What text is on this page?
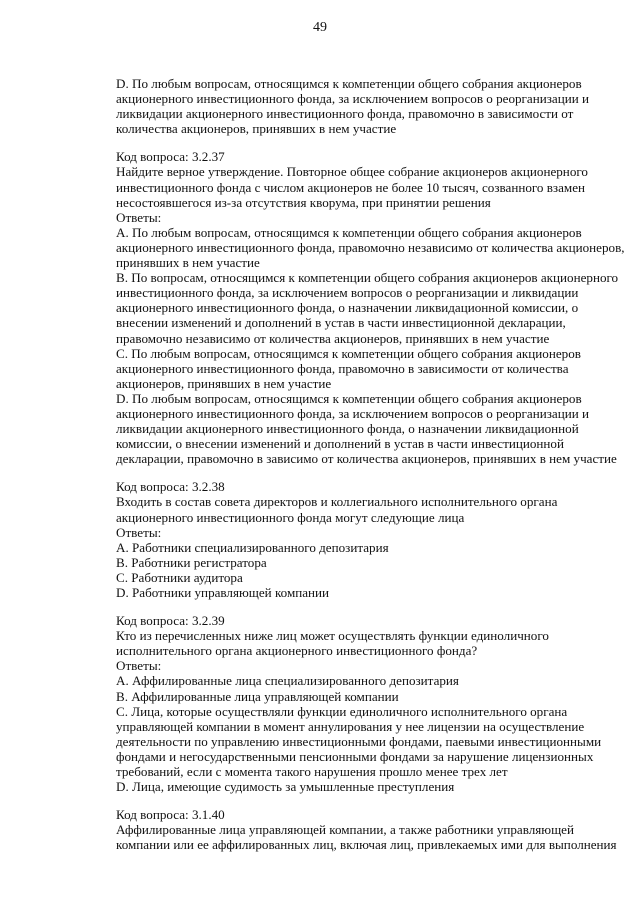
49
D. По любым вопросам, относящимся к компетенции общего собрания акционеров
акционерного инвестиционного фонда, за исключением вопросов о реорганизации и
ликвидации акционерного инвестиционного фонда, правомочно в зависимости от
количества акционеров, принявших в нем участие
Код вопроса: 3.2.37
Найдите верное утверждение. Повторное общее собрание акционеров акционерного
инвестиционного фонда с числом акционеров не более 10 тысяч, созванного взамен
несостоявшегося из-за отсутствия кворума, при принятии решения
Ответы:
A. По любым вопросам, относящимся к компетенции общего собрания акционеров
акционерного инвестиционного фонда, правомочно независимо от количества акционеров,
принявших в нем участие
B. По вопросам, относящимся к компетенции общего собрания акционеров акционерного
инвестиционного фонда, за исключением вопросов о реорганизации и ликвидации
акционерного инвестиционного фонда, о назначении ликвидационной комиссии, о
внесении изменений и дополнений в устав в части инвестиционной декларации,
правомочно независимо от количества акционеров, принявших в нем участие
C. По любым вопросам, относящимся к компетенции общего собрания акционеров
акционерного инвестиционного фонда, правомочно в зависимости от количества
акционеров, принявших в нем участие
D. По любым вопросам, относящимся к компетенции общего собрания акционеров
акционерного инвестиционного фонда, за исключением вопросов о реорганизации и
ликвидации акционерного инвестиционного фонда, о назначении ликвидационной
комиссии, о внесении изменений и дополнений в устав в части инвестиционной
декларации, правомочно в зависимо от количества акционеров, принявших в нем участие
Код вопроса: 3.2.38
Входить в состав совета директоров и коллегиального исполнительного органа
акционерного инвестиционного фонда могут следующие лица
Ответы:
A. Работники специализированного депозитария
B. Работники регистратора
C. Работники аудитора
D. Работники управляющей компании
Код вопроса: 3.2.39
Кто из перечисленных ниже лиц может осуществлять функции единоличного
исполнительного органа акционерного инвестиционного фонда?
Ответы:
A. Аффилированные лица специализированного депозитария
B. Аффилированные лица управляющей компании
C. Лица, которые осуществляли функции единоличного исполнительного органа
управляющей компании в момент аннулирования у нее лицензии на осуществление
деятельности по управлению инвестиционными фондами, паевыми инвестиционными
фондами и негосударственными пенсионными фондами за нарушение лицензионных
требований, если с момента такого нарушения прошло менее трех лет
D. Лица, имеющие судимость за умышленные преступления
Код вопроса: 3.1.40
Аффилированные лица управляющей компании, а также работники управляющей
компании или ее аффилированных лиц, включая лиц, привлекаемых ими для выполнения
